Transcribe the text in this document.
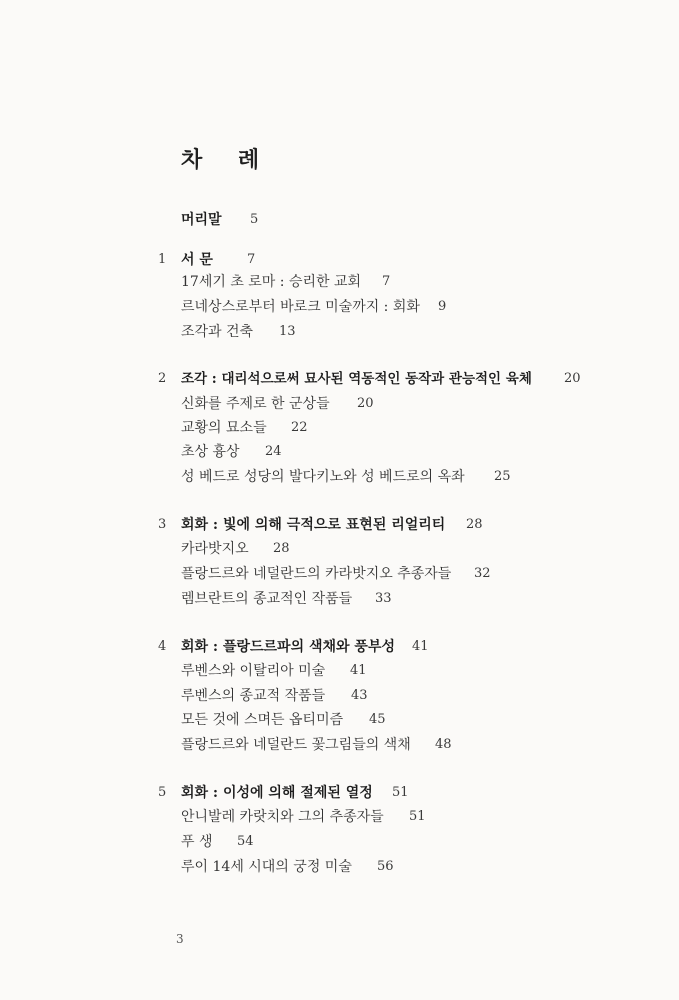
차 례
머리말 5
1 서 문	7
17세기 초 로마 : 승리한 교회 7
르네상스로부터 바로크 미술까지 : 회화 9
조각과 건축 13
2 조각 : 대리석으로써 묘사된 역동적인 동작과 관능적인 육체 20
신화를 주제로 한 군상들 20
교황의 묘소들 22
초상 흉상 24
성 베드로 성당의 발다키노와 성 베드로의 옥좌 25
3 회화 : 빛에 의해 극적으로 표현된 리얼리티 28
카라밧지오 28
플랑드르와 네덜란드의 카라밧지오 추종자들 32
렘브란트의 종교적인 작품들 33
4 회화 : 플랑드르파의 색채와 풍부성 41
루벤스와 이탈리아 미술 41
루벤스의 종교적 작품들 43
모든 것에 스며든 옵티미즘 45
플랑드르와 네덜란드 꽃그림들의 색채 48
5 회화 : 이성에 의해 절제된 열정 51
안니발레 카랏치와 그의 추종자들 51
푸 생 54
루이 14세 시대의 궁정 미술 56
3
